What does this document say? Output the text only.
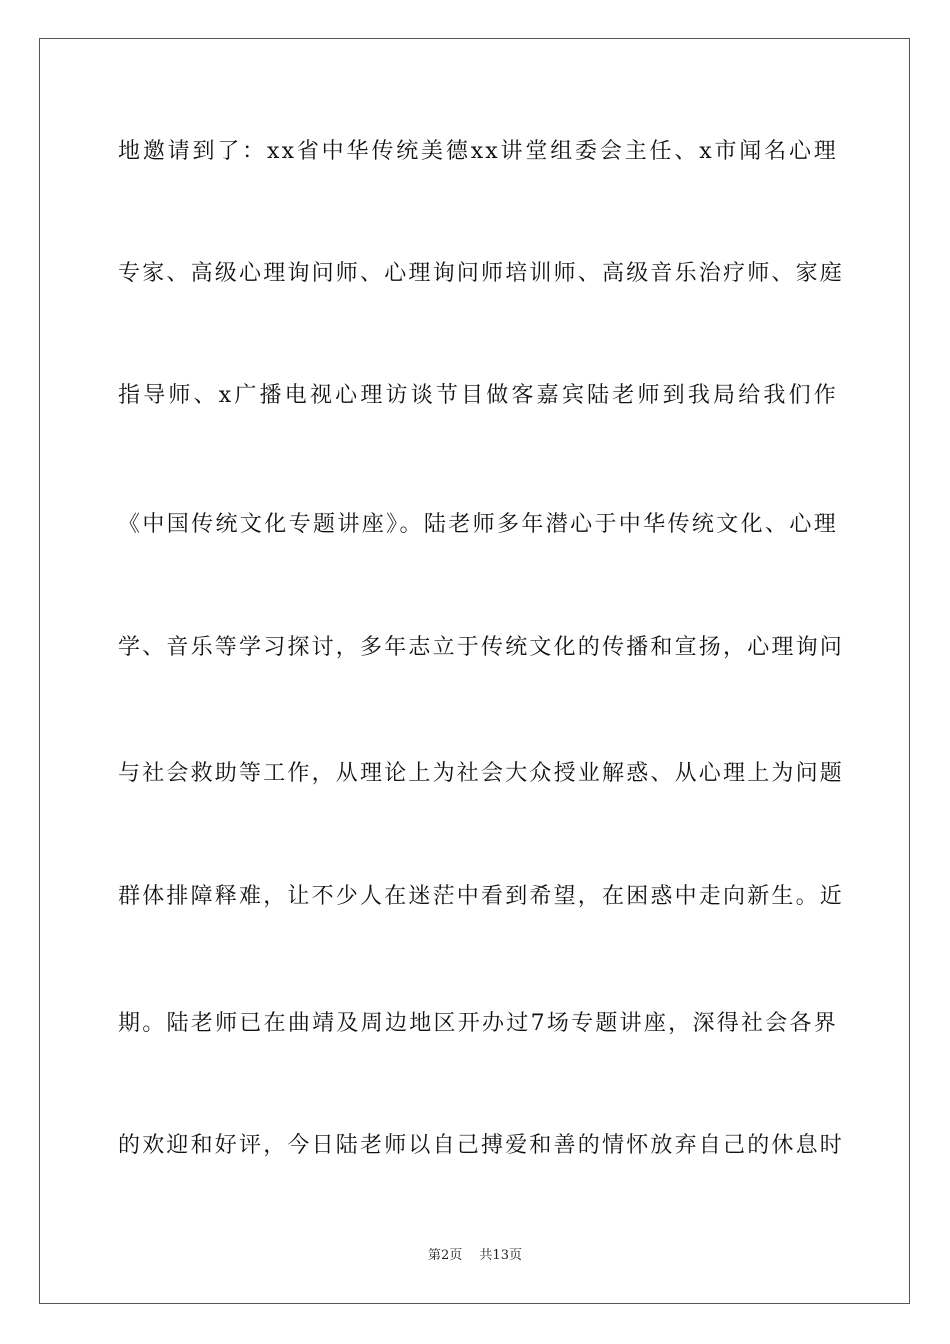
地邀请到了：xx省中华传统美德xx讲堂组委会主任、x市闻名心理
专家、高级心理询问师、心理询问师培训师、高级音乐治疗师、家庭
指导师、x广播电视心理访谈节目做客嘉宾陆老师到我局给我们作
《中国传统文化专题讲座》。陆老师多年潜心于中华传统文化、心理
学、音乐等学习探讨，多年志立于传统文化的传播和宣扬，心理询问
与社会救助等工作，从理论上为社会大众授业解惑、从心理上为问题
群体排障释难，让不少人在迷茫中看到希望，在困惑中走向新生。近
期。陆老师已在曲靖及周边地区开办过7场专题讲座，深得社会各界
的欢迎和好评，今日陆老师以自己搏爱和善的情怀放弃自己的休息时
第2页　 共13页
